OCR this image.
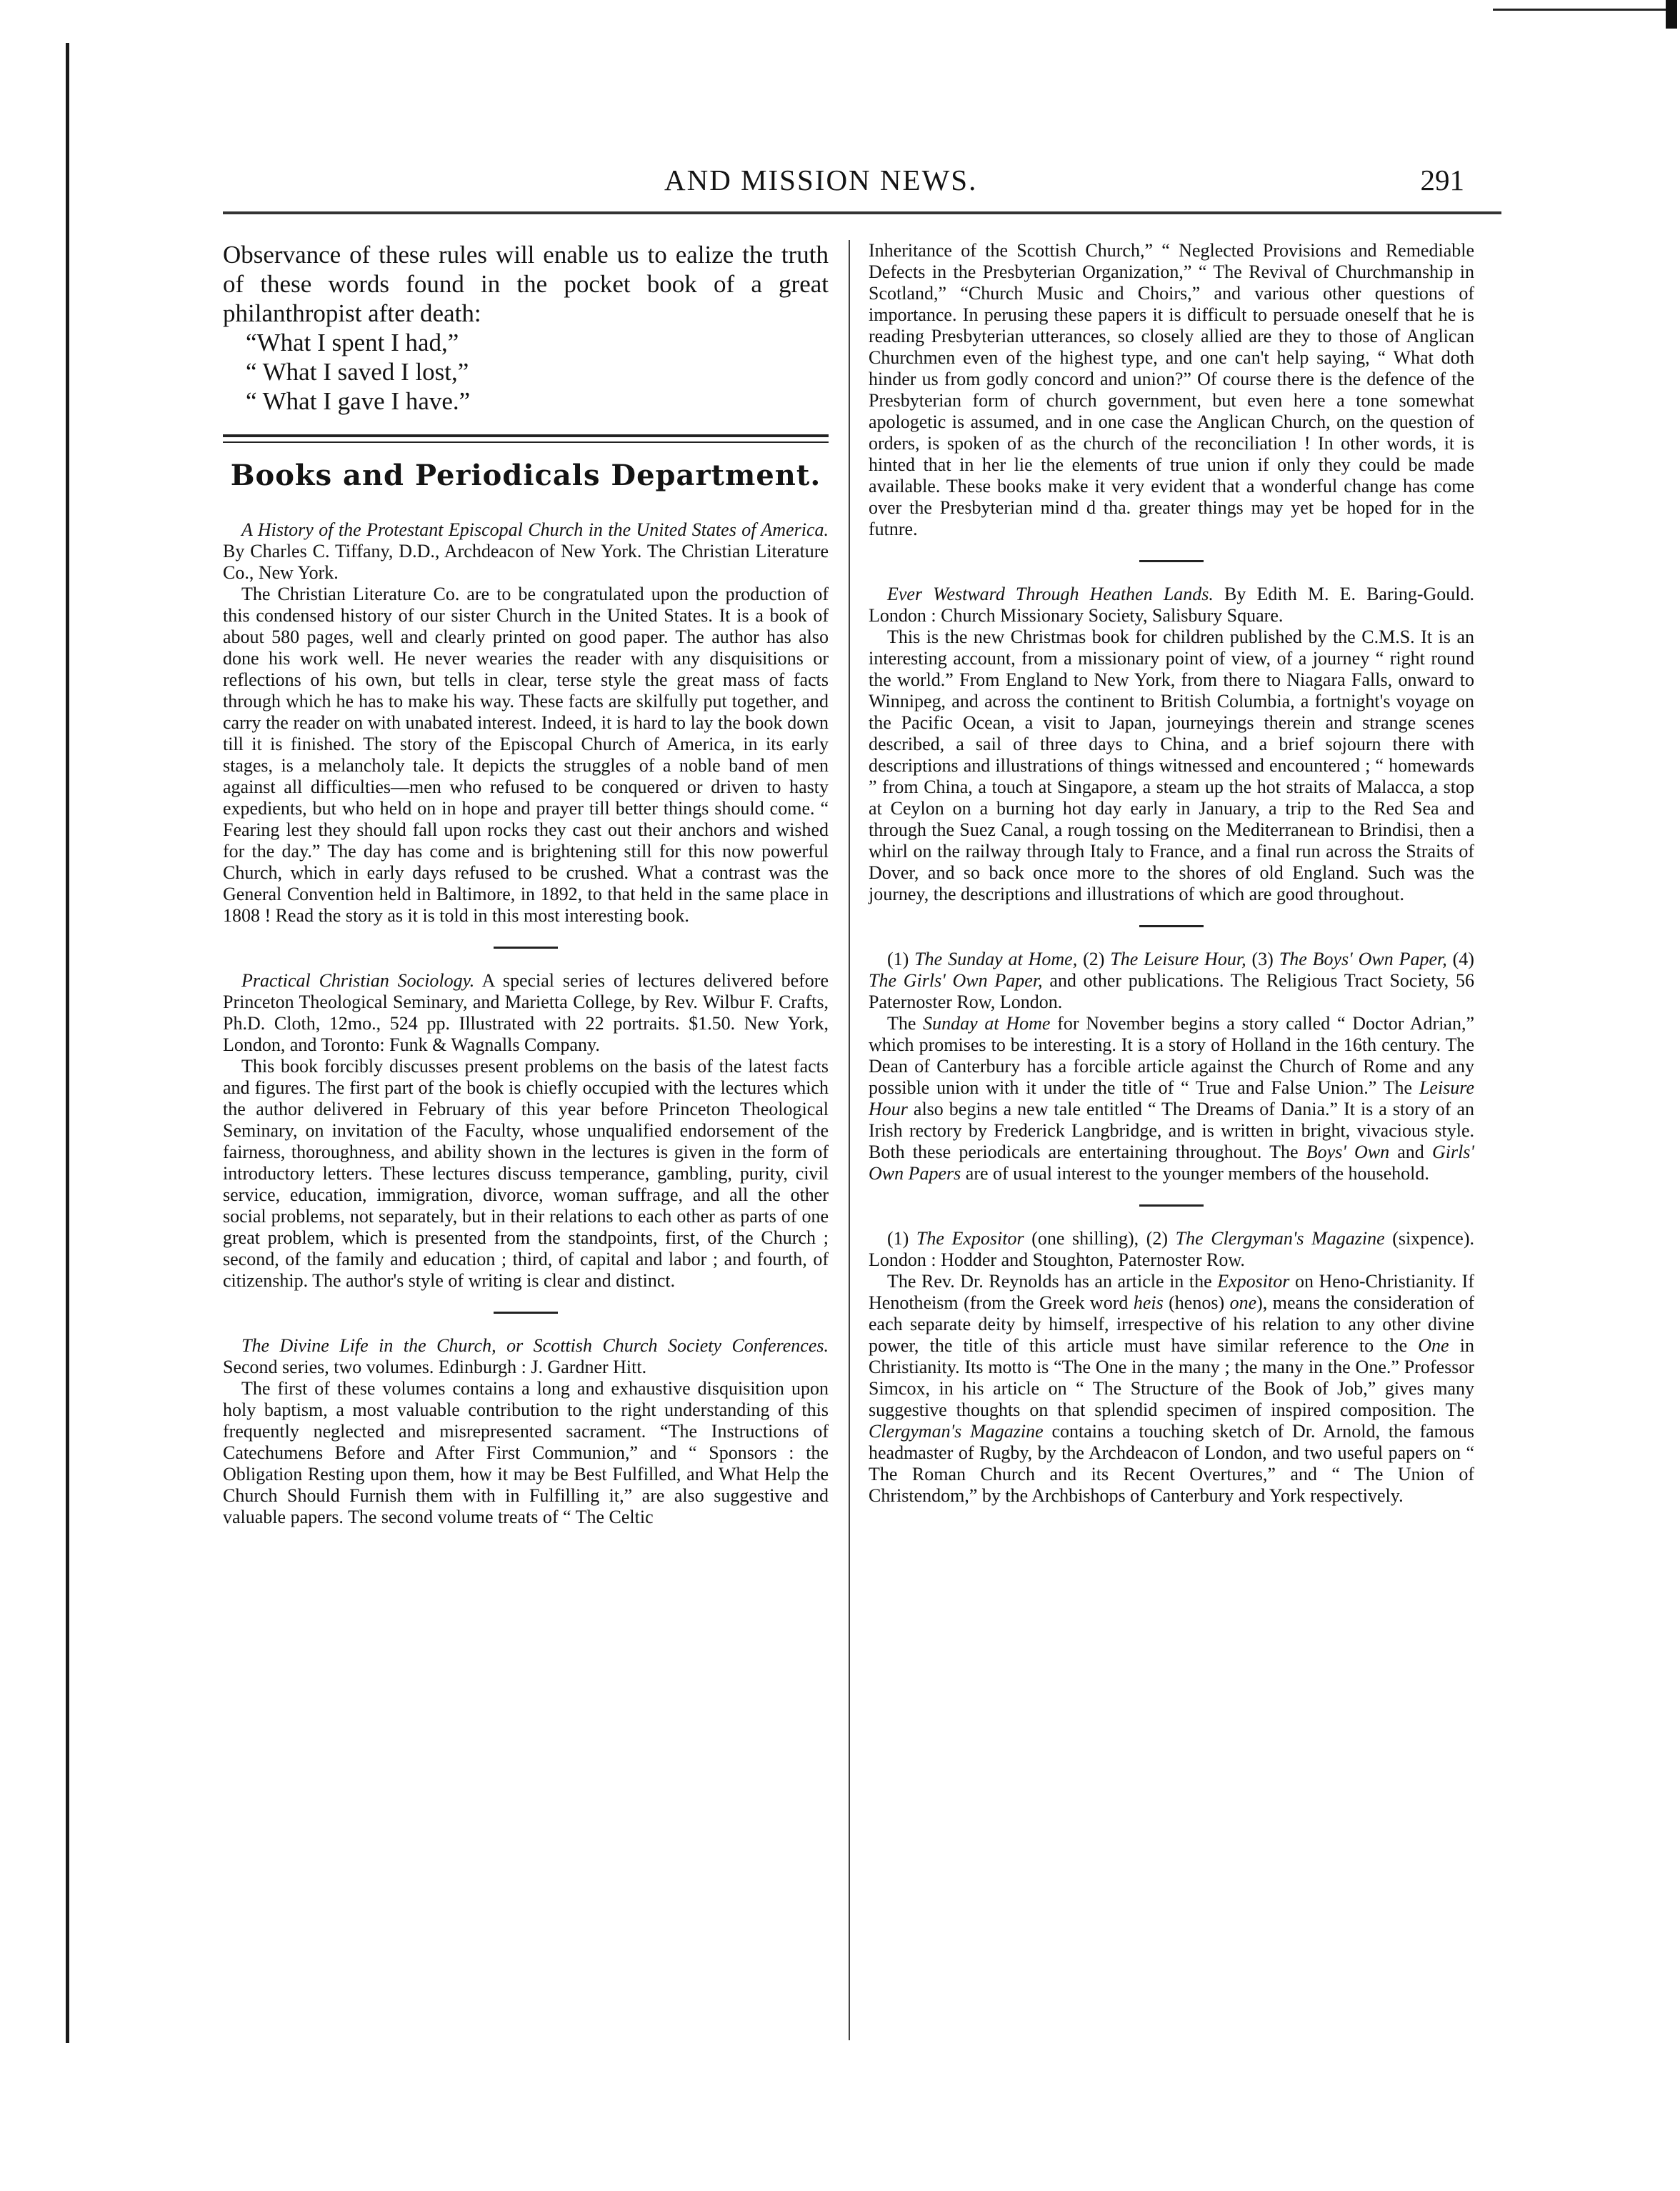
AND MISSION NEWS.	291

Observance of these rules will enable us to ealize the truth of these words found in the pocket book of a great philanthropist after death:

“What I spent I had,”
“ What I saved I lost,”
“ What I gave I have.”
Books and Periodicals Department.

A History of the Protestant Episcopal Church in the United States of America. By Charles C. Tiffany, D.D., Archdeacon of New York. The Christian Literature Co., New York.

The Christian Literature Co. are to be congratulated upon the production of this condensed history of our sister Church in the United States. It is a book of about 580 pages, well and clearly printed on good paper. The author has also done his work well. He never wearies the reader with any disquisitions or reflections of his own, but tells in clear, terse style the great mass of facts through which he has to make his way. These facts are skilfully put together, and carry the reader on with unabated interest. Indeed, it is hard to lay the book down till it is finished. The story of the Episcopal Church of America, in its early stages, is a melancholy tale. It depicts the struggles of a noble band of men against all difficulties—men who refused to be conquered or driven to hasty expedients, but who held on in hope and prayer till better things should come. “ Fearing lest they should fall upon rocks they cast out their anchors and wished for the day.” The day has come and is brightening still for this now powerful Church, which in early days refused to be crushed. What a contrast was the General Convention held in Baltimore, in 1892, to that held in the same place in 1808 ! Read the story as it is told in this most interesting book.

Practical Christian Sociology. A special series of lectures delivered before Princeton Theological Seminary, and Marietta College, by Rev. Wilbur F. Crafts, Ph.D. Cloth, 12mo., 524 pp. Illustrated with 22 portraits. $1.50. New York, London, and Toronto: Funk & Wagnalls Company.

This book forcibly discusses present problems on the basis of the latest facts and figures. The first part of the book is chiefly occupied with the lectures which the author delivered in February of this year before Princeton Theological Seminary, on invitation of the Faculty, whose unqualified endorsement of the fairness, thoroughness, and ability shown in the lectures is given in the form of introductory letters. These lectures discuss temperance, gambling, purity, civil service, education, immigration, divorce, woman suffrage, and all the other social problems, not separately, but in their relations to each other as parts of one great problem, which is presented from the standpoints, first, of the Church ; second, of the family and education ; third, of capital and labor ; and fourth, of citizenship. The author's style of writing is clear and distinct.

The Divine Life in the Church, or Scottish Church Society Conferences. Second series, two volumes. Edinburgh : J. Gardner Hitt.

The first of these volumes contains a long and exhaustive disquisition upon holy baptism, a most valuable contribution to the right understanding of this frequently neglected and misrepresented sacrament. “The Instructions of Catechumens Before and After First Communion,” and “ Sponsors : the Obligation Resting upon them, how it may be Best Fulfilled, and What Help the Church Should Furnish them with in Fulfilling it,” are also suggestive and valuable papers. The second volume treats of “ The Celtic

Inheritance of the Scottish Church,” “ Neglected Provisions and Remediable Defects in the Presbyterian Organization,” “ The Revival of Churchmanship in Scotland,” “Church Music and Choirs,” and various other questions of importance. In perusing these papers it is difficult to persuade oneself that he is reading Presbyterian utterances, so closely allied are they to those of Anglican Churchmen even of the highest type, and one can't help saying, “ What doth hinder us from godly concord and union?” Of course there is the defence of the Presbyterian form of church government, but even here a tone somewhat apologetic is assumed, and in one case the Anglican Church, on the question of orders, is spoken of as the church of the reconciliation ! In other words, it is hinted that in her lie the elements of true union if only they could be made available. These books make it very evident that a wonderful change has come over the Presbyterian mind d tha. greater things may yet be hoped for in the futnre.

Ever Westward Through Heathen Lands. By Edith M. E. Baring-Gould. London : Church Missionary Society, Salisbury Square.

This is the new Christmas book for children published by the C.M.S. It is an interesting account, from a missionary point of view, of a journey “ right round the world.” From England to New York, from there to Niagara Falls, onward to Winnipeg, and across the continent to British Columbia, a fortnight's voyage on the Pacific Ocean, a visit to Japan, journeyings therein and strange scenes described, a sail of three days to China, and a brief sojourn there with descriptions and illustrations of things witnessed and encountered ; “ homewards ” from China, a touch at Singapore, a steam up the hot straits of Malacca, a stop at Ceylon on a burning hot day early in January, a trip to the Red Sea and through the Suez Canal, a rough tossing on the Mediterranean to Brindisi, then a whirl on the railway through Italy to France, and a final run across the Straits of Dover, and so back once more to the shores of old England. Such was the journey, the descriptions and illustrations of which are good throughout.

(1) The Sunday at Home, (2) The Leisure Hour, (3) The Boys' Own Paper, (4) The Girls' Own Paper, and other publications. The Religious Tract Society, 56 Paternoster Row, London.

The Sunday at Home for November begins a story called “ Doctor Adrian,” which promises to be interesting. It is a story of Holland in the 16th century. The Dean of Canterbury has a forcible article against the Church of Rome and any possible union with it under the title of “ True and False Union.” The Leisure Hour also begins a new tale entitled “ The Dreams of Dania.” It is a story of an Irish rectory by Frederick Langbridge, and is written in bright, vivacious style. Both these periodicals are entertaining throughout. The Boys' Own and Girls' Own Papers are of usual interest to the younger members of the household.

(1) The Expositor (one shilling), (2) The Clergyman's Magazine (sixpence). London : Hodder and Stoughton, Paternoster Row.

The Rev. Dr. Reynolds has an article in the Expositor on Heno-Christianity. If Henotheism (from the Greek word heis (henos) one), means the consideration of each separate deity by himself, irrespective of his relation to any other divine power, the title of this article must have similar reference to the One in Christianity. Its motto is “The One in the many ; the many in the One.” Professor Simcox, in his article on “ The Structure of the Book of Job,” gives many suggestive thoughts on that splendid specimen of inspired composition. The Clergyman's Magazine contains a touching sketch of Dr. Arnold, the famous headmaster of Rugby, by the Archdeacon of London, and two useful papers on “ The Roman Church and its Recent Overtures,” and “ The Union of Christendom,” by the Archbishops of Canterbury and York respectively.
